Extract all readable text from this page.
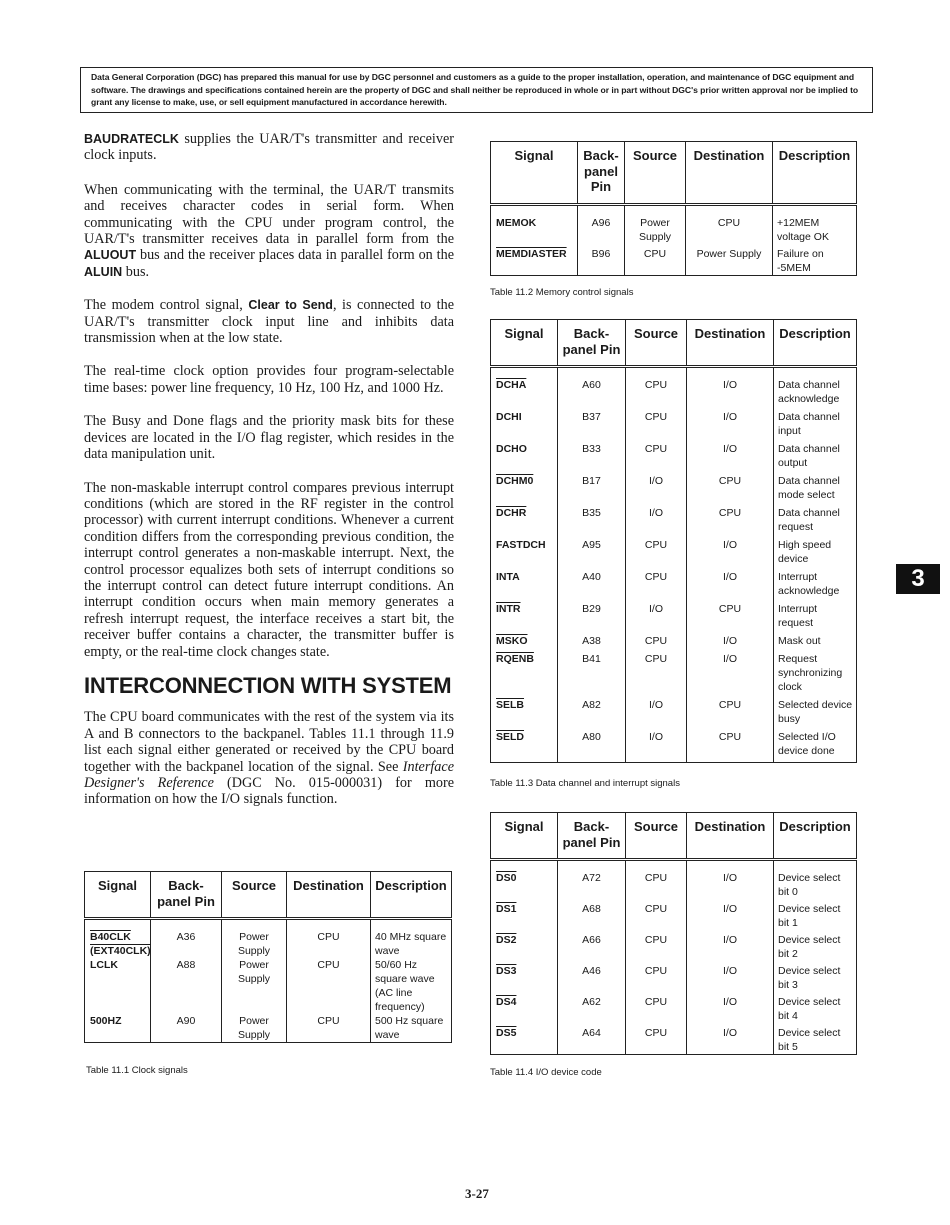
Data General Corporation (DGC) has prepared this manual for use by DGC personnel and customers as a guide to the proper installation, operation, and maintenance of DGC equipment and software. The drawings and specifications contained herein are the property of DGC and shall neither be reproduced in whole or in part without DGC's prior written approval nor be implied to grant any license to make, use, or sell equipment manufactured in accordance herewith.

BAUDRATECLK supplies the UAR/T's transmitter and receiver clock inputs.

When communicating with the terminal, the UAR/T transmits and receives character codes in serial form. When communicating with the CPU under program control, the UAR/T's transmitter receives data in parallel form from the ALUOUT bus and the receiver places data in parallel form on the ALUIN bus.

The modem control signal, Clear to Send, is connected to the UAR/T's transmitter clock input line and inhibits data transmission when at the low state.

The real-time clock option provides four program-selectable time bases: power line frequency, 10 Hz, 100 Hz, and 1000 Hz.

The Busy and Done flags and the priority mask bits for these devices are located in the I/O flag register, which resides in the data manipulation unit.

The non-maskable interrupt control compares previous interrupt conditions (which are stored in the RF register in the control processor) with current interrupt conditions. Whenever a current condition differs from the corresponding previous condition, the interrupt control generates a non-maskable interrupt. Next, the control processor equalizes both sets of interrupt conditions so the interrupt control can detect future interrupt conditions. An interrupt condition occurs when main memory generates a refresh interrupt request, the interface receives a start bit, the receiver buffer contains a character, the transmitter buffer is empty, or the real-time clock changes state.

INTERCONNECTION WITH SYSTEM

The CPU board communicates with the rest of the system via its A and B connectors to the backpanel. Tables 11.1 through 11.9 list each signal either generated or received by the CPU board together with the backpanel location of the signal. See Interface Designer's Reference (DGC No. 015-000031) for more information on how the I/O signals function.

Signal	Back-panel Pin	Source	Destination	Description

B40CLK (EXT40CLK)	A36	Power Supply	CPU	40 MHz square wave
LCLK	A88	Power Supply	CPU	50/60 Hz square wave (AC line frequency)
500HZ	A90	Power Supply	CPU	500 Hz square wave
Table 11.1 Clock signals
Signal	Back-panel Pin	Source	Destination	Description

MEMOK	A96	Power Supply	CPU	+12MEM voltage OK
MEMDIASTER	B96	CPU	Power Supply	Failure on -5MEM
Table 11.2 Memory control signals
Signal	Back-panel Pin	Source	Destination	Description

DCHA	A60	CPU	I/O	Data channel acknowledge
DCHI	B37	CPU	I/O	Data channel input
DCHO	B33	CPU	I/O	Data channel output
DCHM0	B17	I/O	CPU	Data channel mode select
DCHR	B35	I/O	CPU	Data channel request
FASTDCH	A95	CPU	I/O	High speed device
INTA	A40	CPU	I/O	Interrupt acknowledge
INTR	B29	I/O	CPU	Interrupt request
MSKO	A38	CPU	I/O	Mask out
RQENB	B41	CPU	I/O	Request synchronizing clock
SELB	A82	I/O	CPU	Selected device busy
SELD	A80	I/O	CPU	Selected I/O device done
Table 11.3 Data channel and interrupt signals
Signal	Back-panel Pin	Source	Destination	Description

DS0	A72	CPU	I/O	Device select bit 0
DS1	A68	CPU	I/O	Device select bit 1
DS2	A66	CPU	I/O	Device select bit 2
DS3	A46	CPU	I/O	Device select bit 3
DS4	A62	CPU	I/O	Device select bit 4
DS5	A64	CPU	I/O	Device select bit 5
Table 11.4 I/O device code
3
3-27
